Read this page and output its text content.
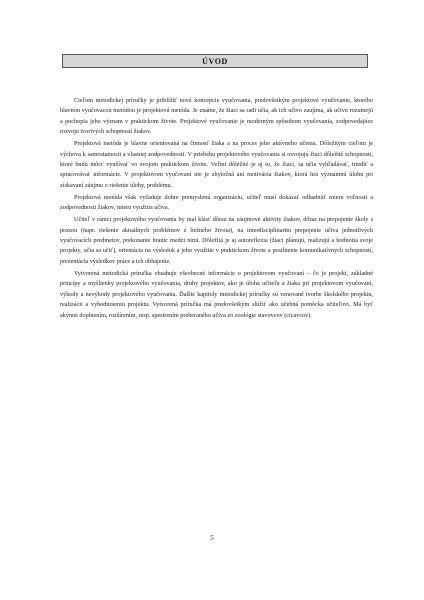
ÚVOD

Cieľom metodickej príručky je priblížiť nové koncepcie vyučovania, predovšetkým projektové vyučovanie, ktorého hlavnou vyučovacou metódou je projektová metóda. Je známe, že žiaci sa radi učia, ak ich učivo zaujíma, ak učivu rozumejú a pochopia jeho význam v praktickom živote. Projektové vyučovanie je moderným spôsobom vyučovania, zodpovedajúce rozvoju tvorivých schopností žiakov.

Projektová metóda je hlavne orientovaná na činnosť žiaka a na proces jeho aktívneho učenia. Dôležitým cieľom je výchova k samostatnosti a vlastnej zodpovednosti. V priebehu projektového vyučovania si osvojujú žiaci dôležité schopnosti, ktoré budú môcť využívať vo svojom praktickom živote. Veľmi dôležité je aj to, že žiaci, sa učia vyhľadávať, triediť a spracovávať informácie. V projektovom vyučovaní nie je zbytočná ani motivácia žiakov, ktorá hrá významnú úlohu pri získavaní záujmu o riešenie úlohy, problému.

Projektová metóda však vyžaduje dobre premyslenú organizáciu, učiteľ musí dokázať odhadnúť mieru voľnosti a zodpovednosti žiakov, mieru využitia učiva.

Učiteľ v rámci projektového vyučovania by mal klásť dôraz na záujmové aktivity žiakov, dôraz na prepojenie školy s praxou (napr. riešenie aktuálnych problémov z bežného života), na interdisciplinaritu prepojenie učiva jednotlivých vyučovacích predmetov, prekonanie hranic medzi nimi. Dôležitá je aj autoreflexia (žiaci plánujú, realizujú a hodnotia svoje projekty, učia sa učiť), orientácia na výsledok a jeho využitie v praktickom živote a posilnenie komunikatívnych schopností, prezentácia výsledkov práce a ich obhajenie.

Vytvorená metodická príručka obsahuje všeobecné informácie o projektovom vyučovaní – čo je projekt, základné princípy a myšlienky projektového vyučovania, druhy projektov, ako je úloha učiteľa a žiaka pri projektovom vyučovaní, výhody a nevýhody projektového vyučovania. Ďalšie kapitoly metodickej príručky sú venované tvorbe školského projektu, realizácii a vyhodnoteniu projektu. Vytvorená príručka má predovšetkým slúžiť ako učebná pomôcka učiteľovi. Má byť akýmsi doplnením, rozšírením, resp. spestrením preberaného učiva zo zoológie stavovcov (cicavcov).

5
